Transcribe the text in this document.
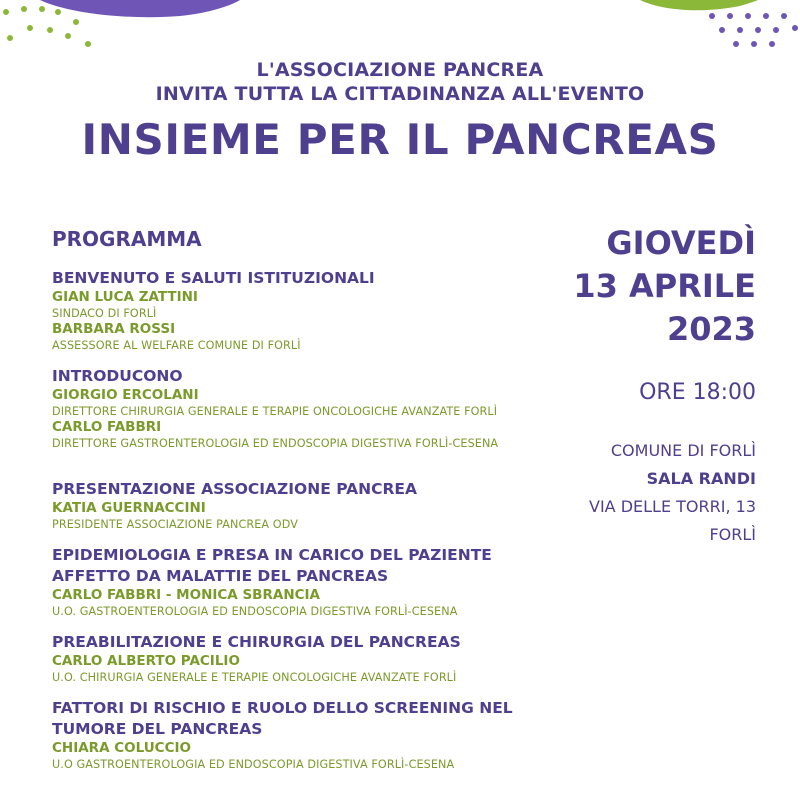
L'ASSOCIAZIONE PANCREA
INVITA TUTTA LA CITTADINANZA ALL'EVENTO
INSIEME PER IL PANCREAS
PROGRAMMA
BENVENUTO E SALUTI ISTITUZIONALI
GIAN LUCA ZATTINI
SINDACO DI FORLÌ
BARBARA ROSSI
ASSESSORE AL WELFARE COMUNE DI FORLÌ
INTRODUCONO
GIORGIO ERCOLANI
DIRETTORE CHIRURGIA GENERALE E TERAPIE ONCOLOGICHE AVANZATE FORLÌ
CARLO FABBRI
DIRETTORE GASTROENTEROLOGIA ED ENDOSCOPIA DIGESTIVA FORLÌ-CESENA
PRESENTAZIONE ASSOCIAZIONE PANCREA
KATIA GUERNACCINI
PRESIDENTE ASSOCIAZIONE PANCREA ODV
EPIDEMIOLOGIA E PRESA IN CARICO DEL PAZIENTE
AFFETTO DA MALATTIE DEL PANCREAS
CARLO FABBRI - MONICA SBRANCIA
U.O. GASTROENTEROLOGIA ED ENDOSCOPIA DIGESTIVA FORLÌ-CESENA
PREABILITAZIONE E CHIRURGIA DEL PANCREAS
CARLO ALBERTO PACILIO
U.O. CHIRURGIA GENERALE E TERAPIE ONCOLOGICHE AVANZATE FORLÌ
FATTORI DI RISCHIO E RUOLO DELLO SCREENING NEL
TUMORE DEL PANCREAS
CHIARA COLUCCIO
U.O GASTROENTEROLOGIA ED ENDOSCOPIA DIGESTIVA FORLÌ-CESENA
GIOVEDÌ
13 APRILE
2023
ORE 18:00
COMUNE DI FORLÌ
SALA RANDI
VIA DELLE TORRI, 13
FORLÌ
